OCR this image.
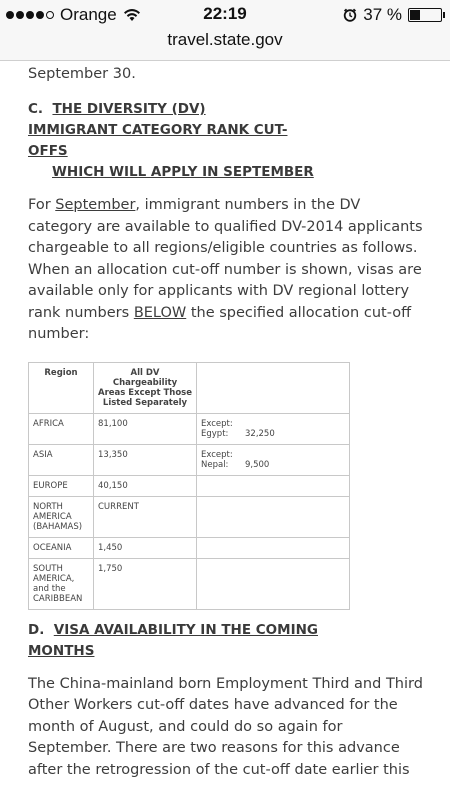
Orange	22:19	37 %
travel.state.gov

September 30.

C. THE DIVERSITY (DV)
IMMIGRANT CATEGORY RANK CUT-
OFFS
WHICH WILL APPLY IN SEPTEMBER

For September, immigrant numbers in the DV category are available to qualified DV-2014 applicants chargeable to all regions/eligible countries as follows. When an allocation cut-off number is shown, visas are available only for applicants with DV regional lottery rank numbers BELOW the specified allocation cut-off number:

Region	All DV Chargeability Areas Except Those Listed Separately	
AFRICA	81,100	Except:
Egypt: 32,250

ASIA	13,350	Except:
Nepal: 9,500

EUROPE	40,150	
NORTH AMERICA (BAHAMAS)	CURRENT	
OCEANIA	1,450	
SOUTH AMERICA, and the CARIBBEAN	1,750	
D. VISA AVAILABILITY IN THE COMING
MONTHS

The China-mainland born Employment Third and Third Other Workers cut-off dates have advanced for the month of August, and could do so again for September. There are two reasons for this advance after the retrogression of the cut-off date earlier this
